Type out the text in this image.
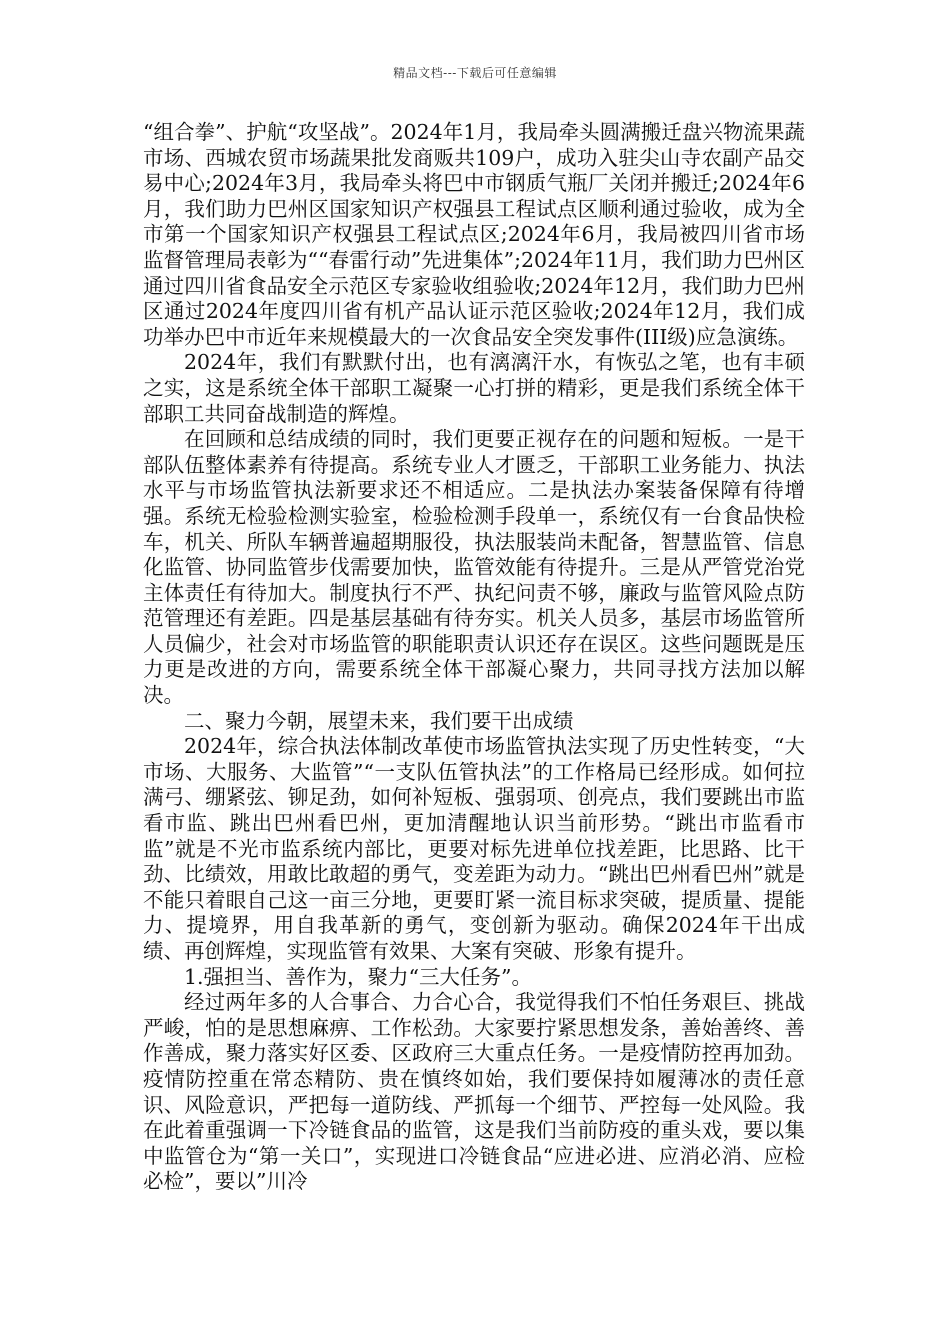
精品文档---下载后可任意编辑

“组合拳”、护航“攻坚战”。2024年1月，我局牵头圆满搬迁盘兴物流果蔬市场、西城农贸市场蔬果批发商贩共109户，成功入驻尖山寺农副产品交易中心;2024年3月，我局牵头将巴中市钢质气瓶厂关闭并搬迁;2024年6月，我们助力巴州区国家知识产权强县工程试点区顺利通过验收，成为全市第一个国家知识产权强县工程试点区;2024年6月，我局被四川省市场监督管理局表彰为““春雷行动”先进集体”;2024年11月，我们助力巴州区通过四川省食品安全示范区专家验收组验收;2024年12月，我们助力巴州区通过2024年度四川省有机产品认证示范区验收;2024年12月，我们成功举办巴中市近年来规模最大的一次食品安全突发事件(III级)应急演练。

2024年，我们有默默付出，也有漓漓汗水，有恢弘之笔，也有丰硕之实，这是系统全体干部职工凝聚一心打拼的精彩，更是我们系统全体干部职工共同奋战制造的辉煌。

在回顾和总结成绩的同时，我们更要正视存在的问题和短板。一是干部队伍整体素养有待提高。系统专业人才匮乏，干部职工业务能力、执法水平与市场监管执法新要求还不相适应。二是执法办案装备保障有待增强。系统无检验检测实验室，检验检测手段单一，系统仅有一台食品快检车，机关、所队车辆普遍超期服役，执法服装尚未配备，智慧监管、信息化监管、协同监管步伐需要加快，监管效能有待提升。三是从严管党治党主体责任有待加大。制度执行不严、执纪问责不够，廉政与监管风险点防范管理还有差距。四是基层基础有待夯实。机关人员多，基层市场监管所人员偏少，社会对市场监管的职能职责认识还存在误区。这些问题既是压力更是改进的方向，需要系统全体干部凝心聚力，共同寻找方法加以解决。

二、聚力今朝，展望未来，我们要干出成绩

2024年，综合执法体制改革使市场监管执法实现了历史性转变，“大市场、大服务、大监管”“一支队伍管执法”的工作格局已经形成。如何拉满弓、绷紧弦、铆足劲，如何补短板、强弱项、创亮点，我们要跳出市监看市监、跳出巴州看巴州，更加清醒地认识当前形势。“跳出市监看市监”就是不光市监系统内部比，更要对标先进单位找差距，比思路、比干劲、比绩效，用敢比敢超的勇气，变差距为动力。“跳出巴州看巴州”就是不能只着眼自己这一亩三分地，更要盯紧一流目标求突破，提质量、提能力、提境界，用自我革新的勇气，变创新为驱动。确保2024年干出成绩、再创辉煌，实现监管有效果、大案有突破、形象有提升。

1.强担当、善作为，聚力“三大任务”。

经过两年多的人合事合、力合心合，我觉得我们不怕任务艰巨、挑战严峻，怕的是思想麻痹、工作松劲。大家要拧紧思想发条，善始善终、善作善成，聚力落实好区委、区政府三大重点任务。一是疫情防控再加劲。疫情防控重在常态精防、贵在慎终如始，我们要保持如履薄冰的责任意识、风险意识，严把每一道防线、严抓每一个细节、严控每一处风险。我在此着重强调一下冷链食品的监管，这是我们当前防疫的重头戏，要以集中监管仓为“第一关口”，实现进口冷链食品“应进必进、应消必消、应检必检”，要以”川冷
